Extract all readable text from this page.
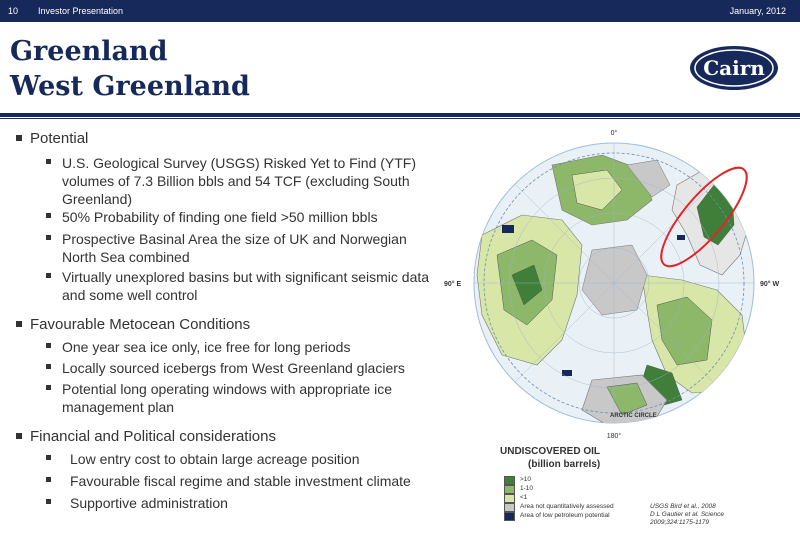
10 Investor Presentation	January, 2012
Greenland
West Greenland
Cairn
Potential
U.S. Geological Survey (USGS) Risked Yet to Find (YTF) volumes of 7.3 Billion bbls and 54 TCF (excluding South Greenland)
50% Probability of finding one field >50 million bbls
Prospective Basinal Area the size of UK and Norwegian North Sea combined
Virtually unexplored basins but with significant seismic data and some well control
Favourable Metocean Conditions
One year sea ice only, ice free for long periods
Locally sourced icebergs from West Greenland glaciers
Potential long operating windows with appropriate ice management plan
Financial and Political considerations
Low entry cost to obtain large acreage position
Favourable fiscal regime and stable investment climate
Supportive administration
0°
90° E	90° W
180°
ARCTIC CIRCLE
UNDISCOVERED OIL
(billion barrels)
>10
1-10
<1
Area not quantitatively assessed
Area of low petroleum potential
USGS Bird et al., 2008
D L Gautier et al. Science
2009;324:1175-1179
